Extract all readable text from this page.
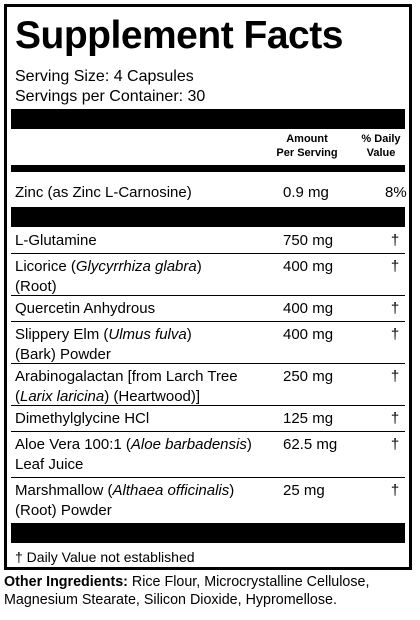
Supplement Facts
Serving Size: 4 Capsules
Servings per Container: 30
Amount
Per Serving
% Daily
Value
Zinc (as Zinc L-Carnosine)	0.9 mg	8%
L-Glutamine	750 mg	†
Licorice (Glycyrrhiza glabra)
(Root)
400 mg	†
Quercetin Anhydrous	400 mg	†
Slippery Elm (Ulmus fulva)
(Bark) Powder
400 mg	†
Arabinogalactan [from Larch Tree
(Larix laricina) (Heartwood)]
250 mg	†
Dimethylglycine HCl	125 mg	†
Aloe Vera 100:1 (Aloe barbadensis)
Leaf Juice
62.5 mg	†
Marshmallow (Althaea officinalis)
(Root) Powder
25 mg	†
† Daily Value not established
Other Ingredients: Rice Flour, Microcrystalline Cellulose, Magnesium Stearate, Silicon Dioxide, Hypromellose.
